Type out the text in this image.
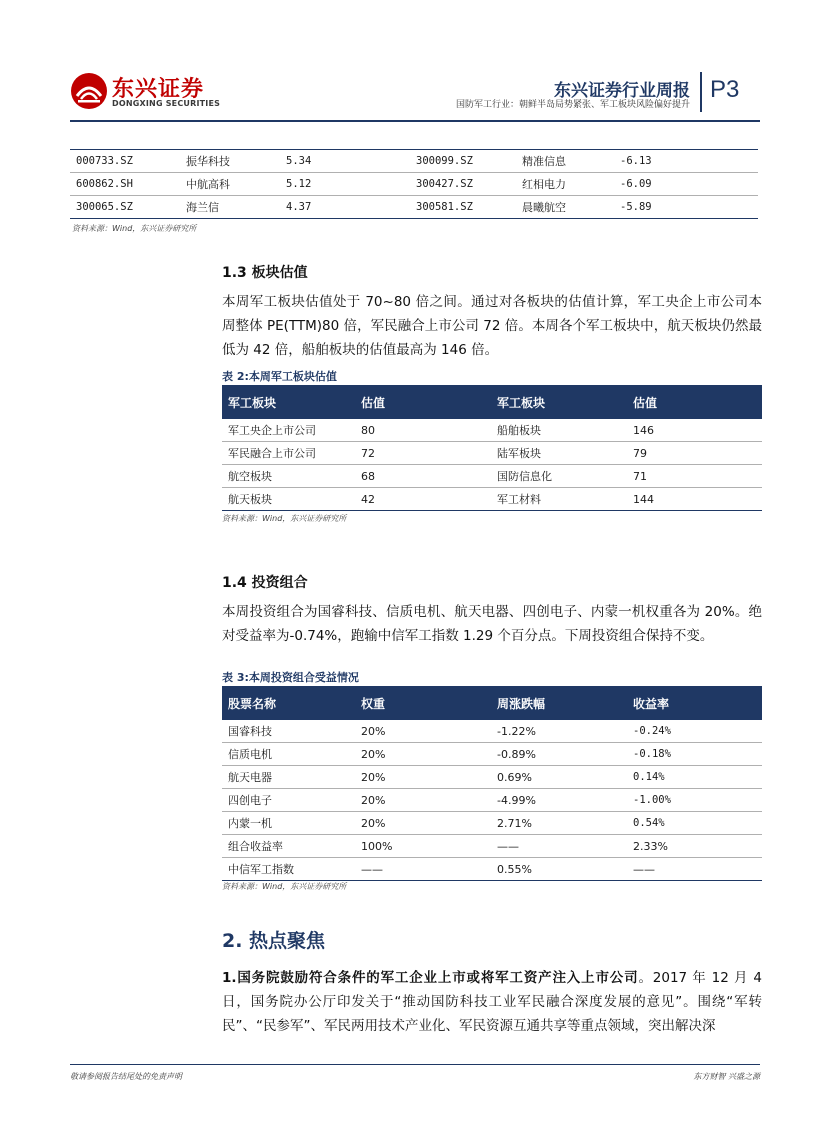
东兴证券
DONGXING SECURITIES
东兴证券行业周报
国防军工行业：朝鲜半岛局势紧张、军工板块风险偏好提升
P3
000733.SZ	振华科技	5.34	300099.SZ	精准信息	-6.13
600862.SH	中航高科	5.12	300427.SZ	红相电力	-6.09
300065.SZ	海兰信	4.37	300581.SZ	晨曦航空	-5.89
资料来源：Wind，东兴证券研究所
1.3 板块估值
本周军工板块估值处于 70~80 倍之间。通过对各板块的估值计算，军工央企上市公司本周整体 PE(TTM)80 倍，军民融合上市公司 72 倍。本周各个军工板块中，航天板块仍然最低为 42 倍，船舶板块的估值最高为 146 倍。
表 2:本周军工板块估值
军工板块	估值	军工板块	估值
军工央企上市公司	80	船舶板块	146
军民融合上市公司	72	陆军板块	79
航空板块	68	国防信息化	71
航天板块	42	军工材料	144
资料来源：Wind，东兴证券研究所
1.4 投资组合
本周投资组合为国睿科技、信质电机、航天电器、四创电子、内蒙一机权重各为 20%。绝对受益率为-0.74%，跑输中信军工指数 1.29 个百分点。下周投资组合保持不变。
表 3:本周投资组合受益情况
股票名称	权重	周涨跌幅	收益率
国睿科技	20%	-1.22%	-0.24%
信质电机	20%	-0.89%	-0.18%
航天电器	20%	0.69%	0.14%
四创电子	20%	-4.99%	-1.00%
内蒙一机	20%	2.71%	0.54%
组合收益率	100%	——	2.33%
中信军工指数	——	0.55%	——
资料来源：Wind，东兴证券研究所
2. 热点聚焦
1.国务院鼓励符合条件的军工企业上市或将军工资产注入上市公司。2017 年 12 月 4 日，国务院办公厅印发关于“推动国防科技工业军民融合深度发展的意见”。围绕“军转民”、“民参军”、军民两用技术产业化、军民资源互通共享等重点领域，突出解决深
敬请参阅报告结尾处的免责声明	东方财智 兴盛之源
